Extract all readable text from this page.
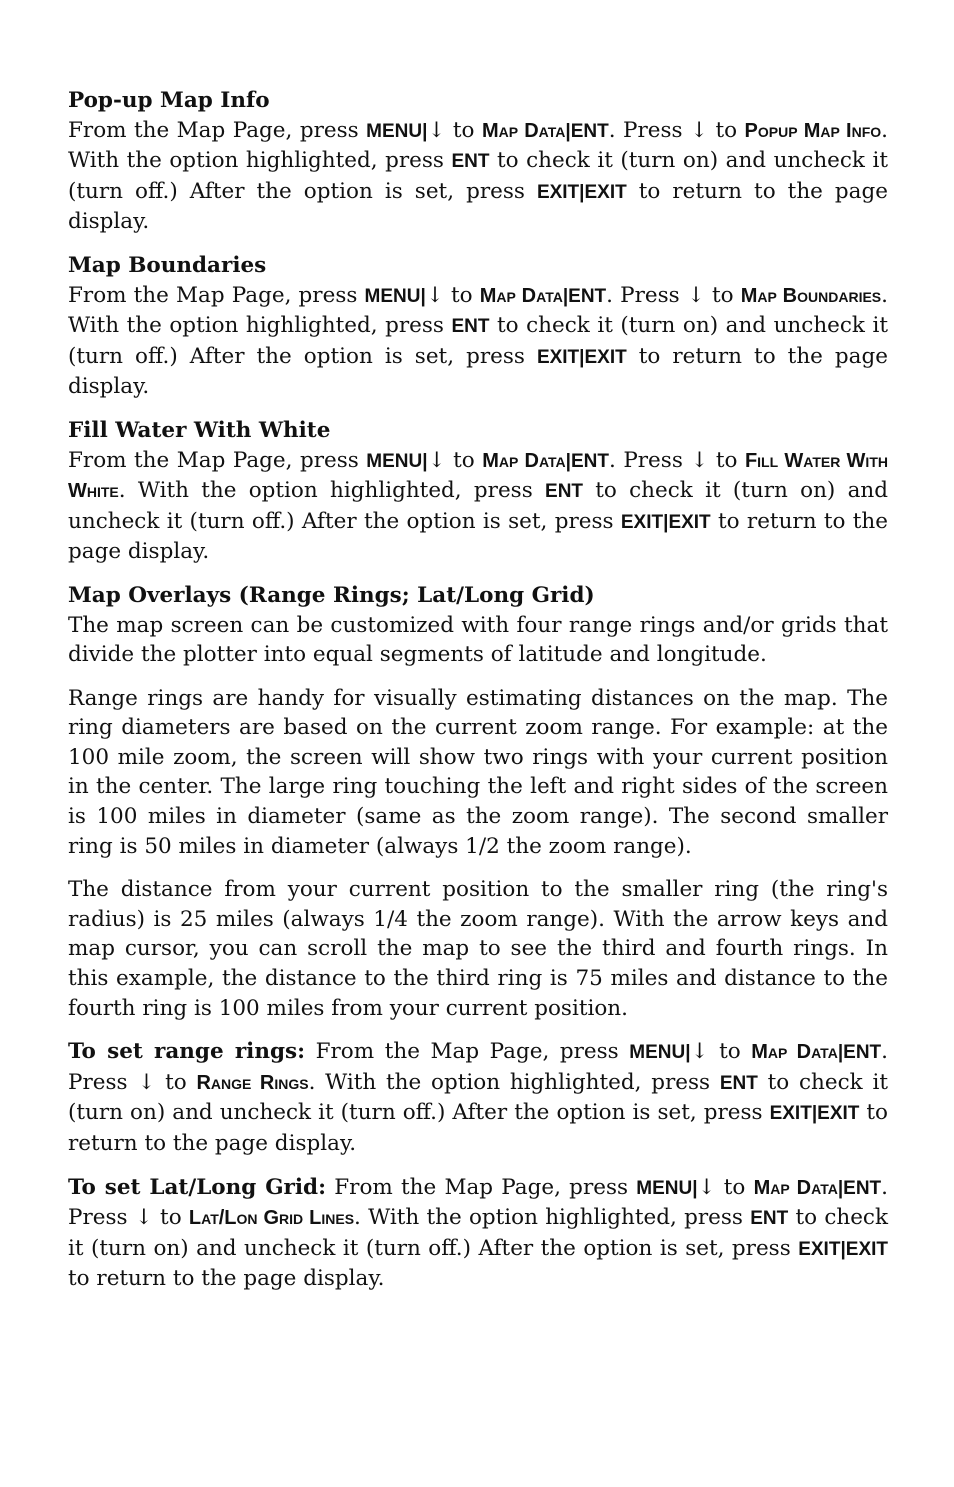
Pop-up Map Info

From the Map Page, press MENU|↓ to Map Data|ENT. Press ↓ to Popup Map Info. With the option highlighted, press ENT to check it (turn on) and uncheck it (turn off.) After the option is set, press EXIT|EXIT to return to the page display.

Map Boundaries

From the Map Page, press MENU|↓ to Map Data|ENT. Press ↓ to Map Boundaries. With the option highlighted, press ENT to check it (turn on) and uncheck it (turn off.) After the option is set, press EXIT|EXIT to return to the page display.

Fill Water With White

From the Map Page, press MENU|↓ to Map Data|ENT. Press ↓ to Fill Water With White. With the option highlighted, press ENT to check it (turn on) and uncheck it (turn off.) After the option is set, press EXIT|EXIT to return to the page display.

Map Overlays (Range Rings; Lat/Long Grid)

The map screen can be customized with four range rings and/or grids that divide the plotter into equal segments of latitude and longitude.

Range rings are handy for visually estimating distances on the map. The ring diameters are based on the current zoom range. For example: at the 100 mile zoom, the screen will show two rings with your current position in the center. The large ring touching the left and right sides of the screen is 100 miles in diameter (same as the zoom range). The second smaller ring is 50 miles in diameter (always 1/2 the zoom range).

The distance from your current position to the smaller ring (the ring's radius) is 25 miles (always 1/4 the zoom range). With the arrow keys and map cursor, you can scroll the map to see the third and fourth rings. In this example, the distance to the third ring is 75 miles and distance to the fourth ring is 100 miles from your current position.

To set range rings: From the Map Page, press MENU|↓ to Map Data|ENT. Press ↓ to Range Rings. With the option highlighted, press ENT to check it (turn on) and uncheck it (turn off.) After the option is set, press EXIT|EXIT to return to the page display.

To set Lat/Long Grid: From the Map Page, press MENU|↓ to Map Data|ENT. Press ↓ to Lat/Lon Grid Lines. With the option highlighted, press ENT to check it (turn on) and uncheck it (turn off.) After the option is set, press EXIT|EXIT to return to the page display.
